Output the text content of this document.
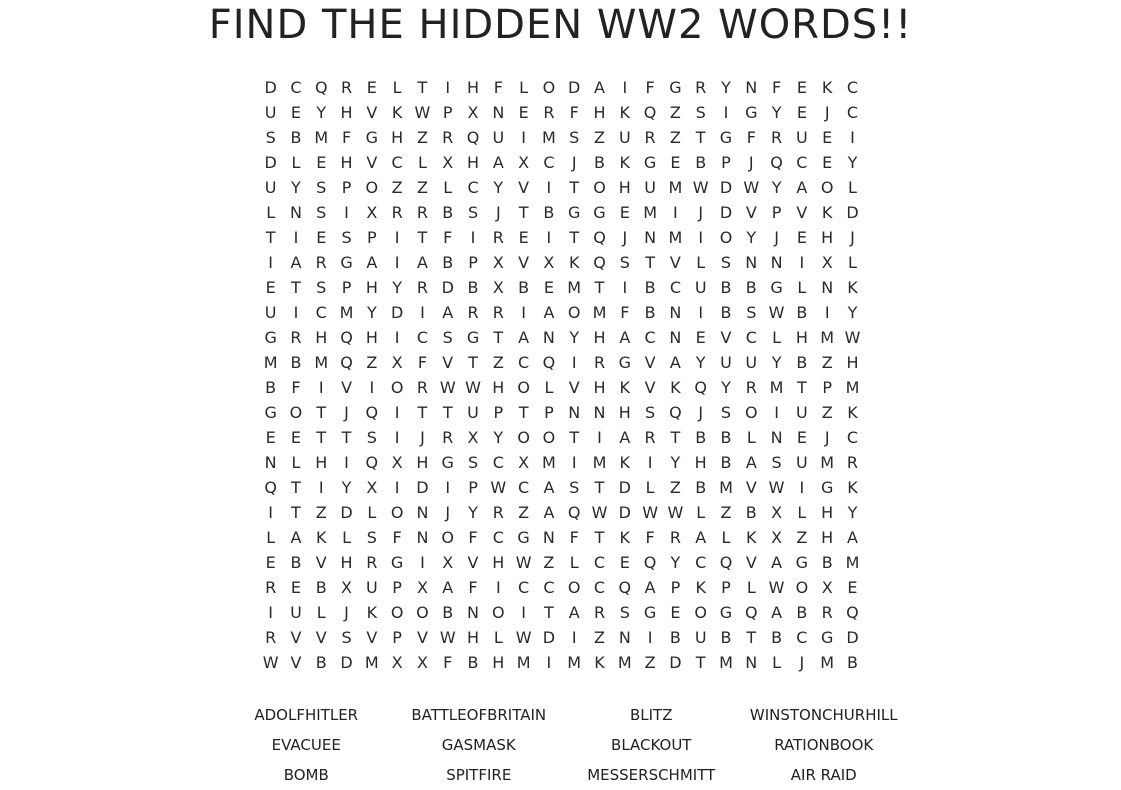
FIND THE HIDDEN WW2 WORDS!!
D C Q R E L T	I	H F	L O D A	I	F G R Y N F E K C
U E Y H V K W P X N E R F H K Q Z S	I	G Y E	J	C
S B M F G H Z R Q U	I	M S Z U R Z T G F R U E	I
D L E H V C L X H A X C	J	B K G E B P	J	Q C E Y
U Y S P O Z Z L C Y V	I	T O H U M W D W Y A O L
L N S	I	X R R B S	J	T B G G E M	I	J	D V P V K D
T	I	E S P	I	T F	I	R E	I	T Q	J	N M	I	O Y	J	E H	J
I	A R G A	I	A B P X V X K Q S T V L S N N	I	X L
E T S P H Y R D B X B E M T	I	B C U B B G L N K
U	I	C M Y D	I	A R R	I	A O M F B N	I	B S W B	I	Y
G R H Q H	I	C S G T A N Y H A C N E V C L H M W
M B M Q Z X F V T Z C Q	I	R G V A Y U U Y B Z H
B F	I	V	I	O R W W H O L V H K V K Q Y R M T P M
G O T	J	Q	I	T T U P T P N N H S Q	J	S O	I	U Z K
E E T T S	I	J	R X Y O O T	I	A R T B B L N E	J	C
N L H	I	Q X H G S C X M	I	M K	I	Y H B A S U M R
Q T	I	Y X	I	D	I	P W C A S T D L Z B M V W I	G K
I	T Z D L O N	J	Y R Z A Q W D W W L Z B X L H Y
L A K L S F N O F C G N F T K F R A L K X Z H A
E B V H R G	I	X V H W Z L C E Q Y C Q V A G B M
R E B X U P X A F	I	C C O C Q A P K P	L W O X E
I	U L	J	K O O B N O	I	T A R S G E O G Q A B R Q
R V V S V P V W H L W D	I	Z N	I	B U B T B C G D
W V B D M X X F B H M	I	M K M Z D T M N L	J	M B
ADOLFHITLER	BATTLEOFBRITAIN	BLITZ	WINSTONCHURHILL
EVACUEE	GASMASK	BLACKOUT	RATIONBOOK
BOMB	SPITFIRE	MESSERSCHMITT	AIR RAID
